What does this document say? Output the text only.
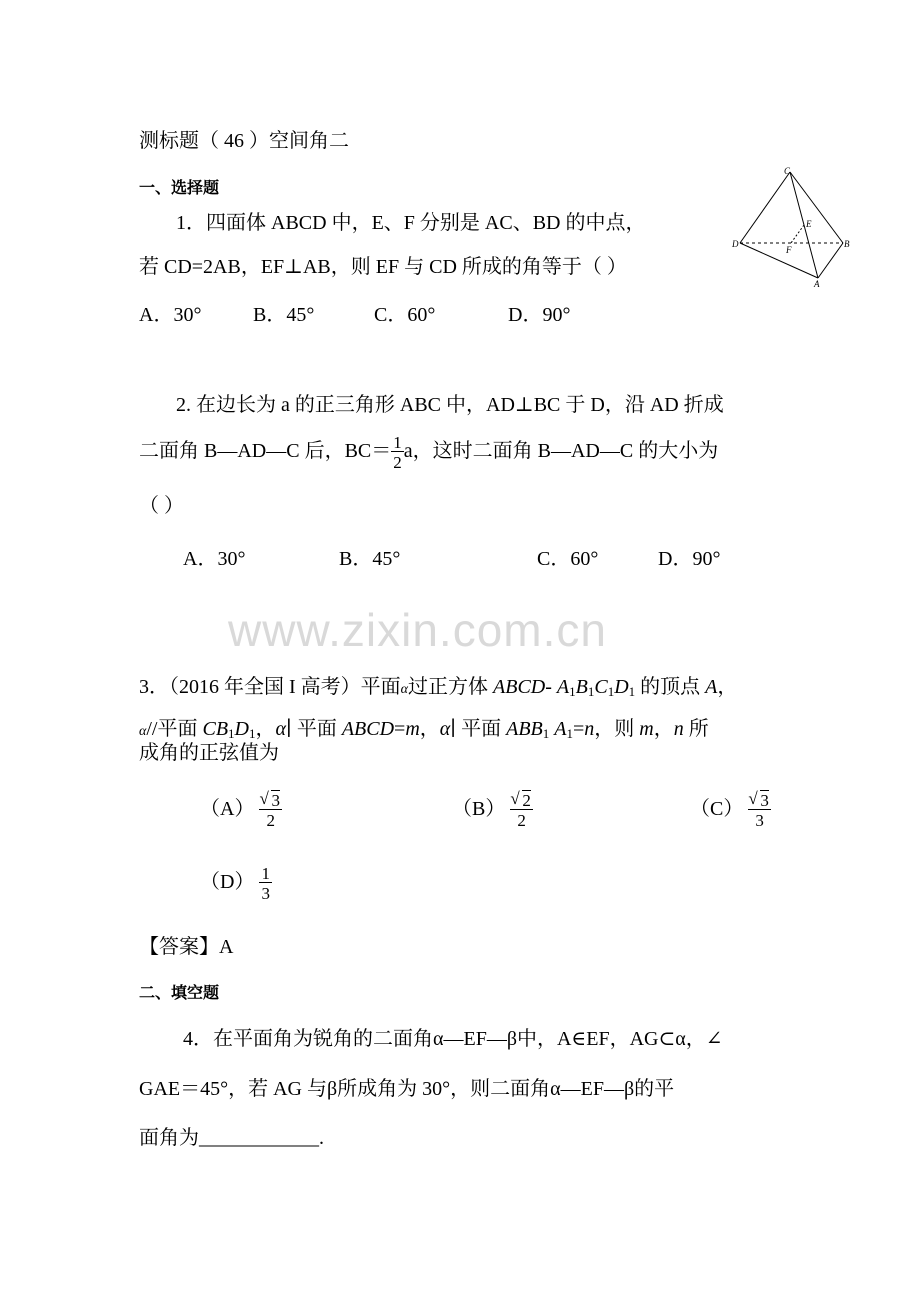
测标题（ 46 ）空间角二
一、选择题
C
E
D
F
B
A
1．四面体 ABCD 中，E、F 分别是 AC、BD 的中点，
若 CD=2AB，EF⊥AB，则 EF 与 CD 所成的角等于（ ）
A．30°	B．45°	C．60°	D．90°
2. 在边长为 a 的正三角形 ABC 中，AD⊥BC 于 D，沿 AD 折成
二面角 B—AD—C 后，$BC= \frac{1}{2}$ a，这时二面角 B—AD—C 的大小为
（ ）
A．30°	B．45°	C．60°	D．90°
www.zixin.com.cn
3．（2016 年全国 I 高考）平面α过正方体 ABCD- $A_1B_1C_1D_1$ 的顶点 A，
α//平面 $CB_1D_1$，α∣ 平面 ABCD=m，α∣ 平面 $ABB_1$ $A_1=n$，则 m，n 所
成角的正弦值为
（A） √ $\frac{3}{2}$	（B） √ $\frac{2}{2}$	（C） √ $\frac{3}{3}$
$(D) \frac{1}{3}$
【答案】A
二、填空题
4．在平面角为锐角的二面角α—EF—β中，A∈EF，AG⊂α，∠
GAE＝45°，若 AG 与β所成角为 30°，则二面角α—EF—β的平
面角为____________.
